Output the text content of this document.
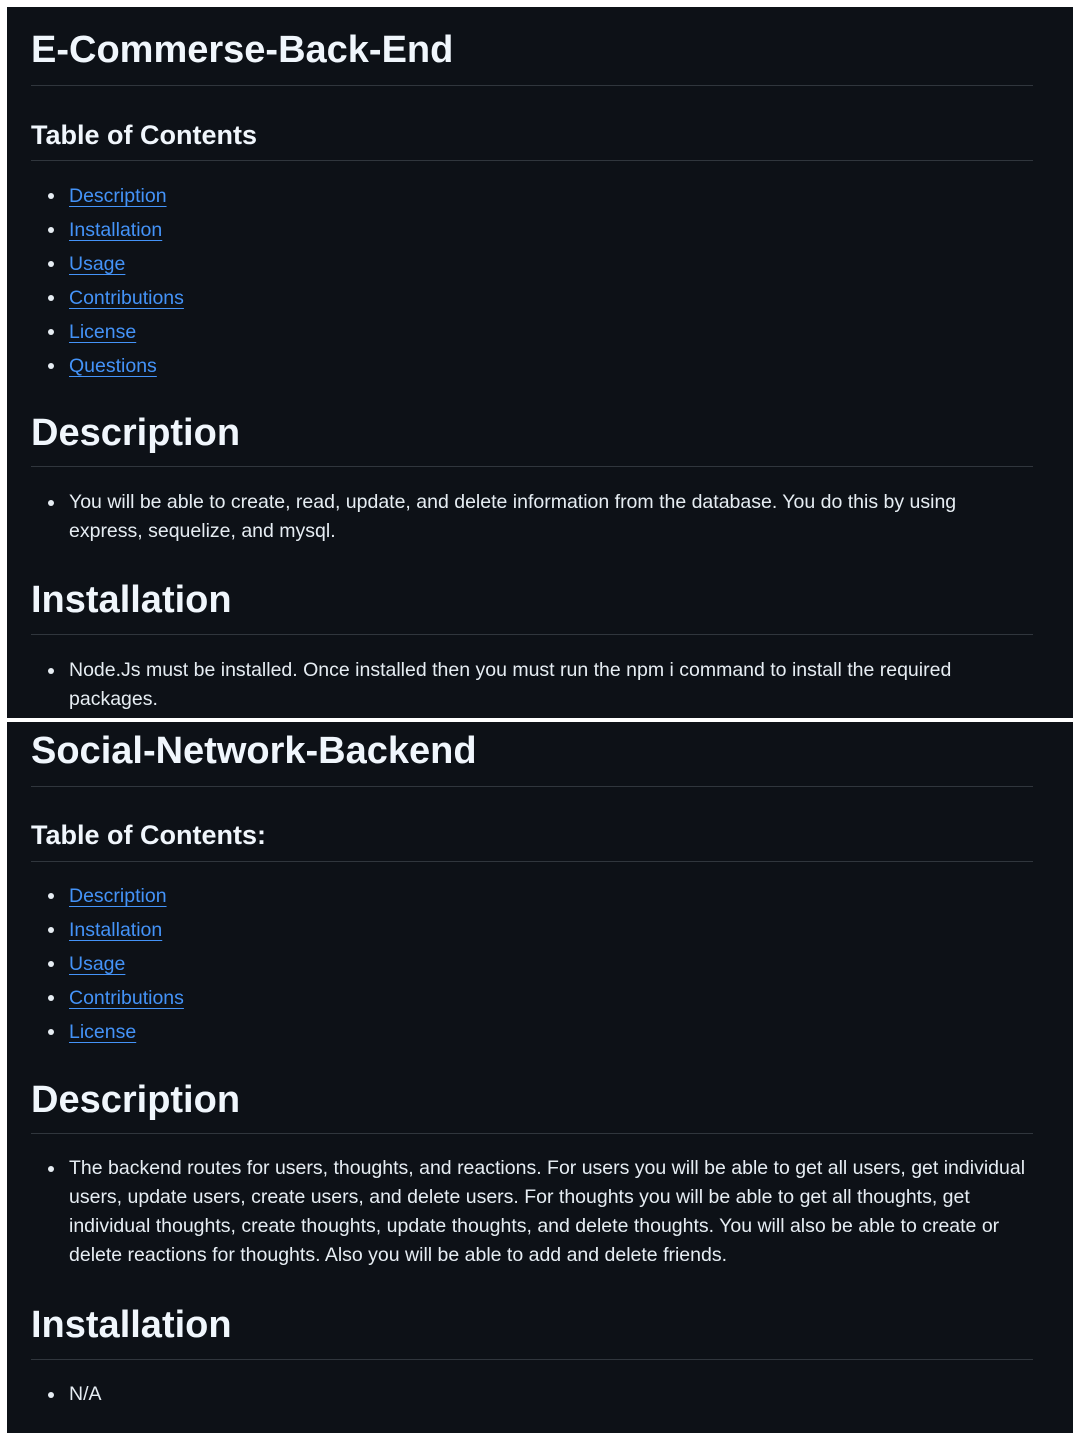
E-Commerse-Back-End
Table of Contents
Description
Installation
Usage
Contributions
License
Questions
Description
You will be able to create, read, update, and delete information from the database. You do this by using express, sequelize, and mysql.
Installation
Node.Js must be installed. Once installed then you must run the npm i command to install the required packages.
Social-Network-Backend
Table of Contents:
Description
Installation
Usage
Contributions
License
Description
The backend routes for users, thoughts, and reactions. For users you will be able to get all users, get individual users, update users, create users, and delete users. For thoughts you will be able to get all thoughts, get individual thoughts, create thoughts, update thoughts, and delete thoughts. You will also be able to create or delete reactions for thoughts. Also you will be able to add and delete friends.
Installation
N/A
